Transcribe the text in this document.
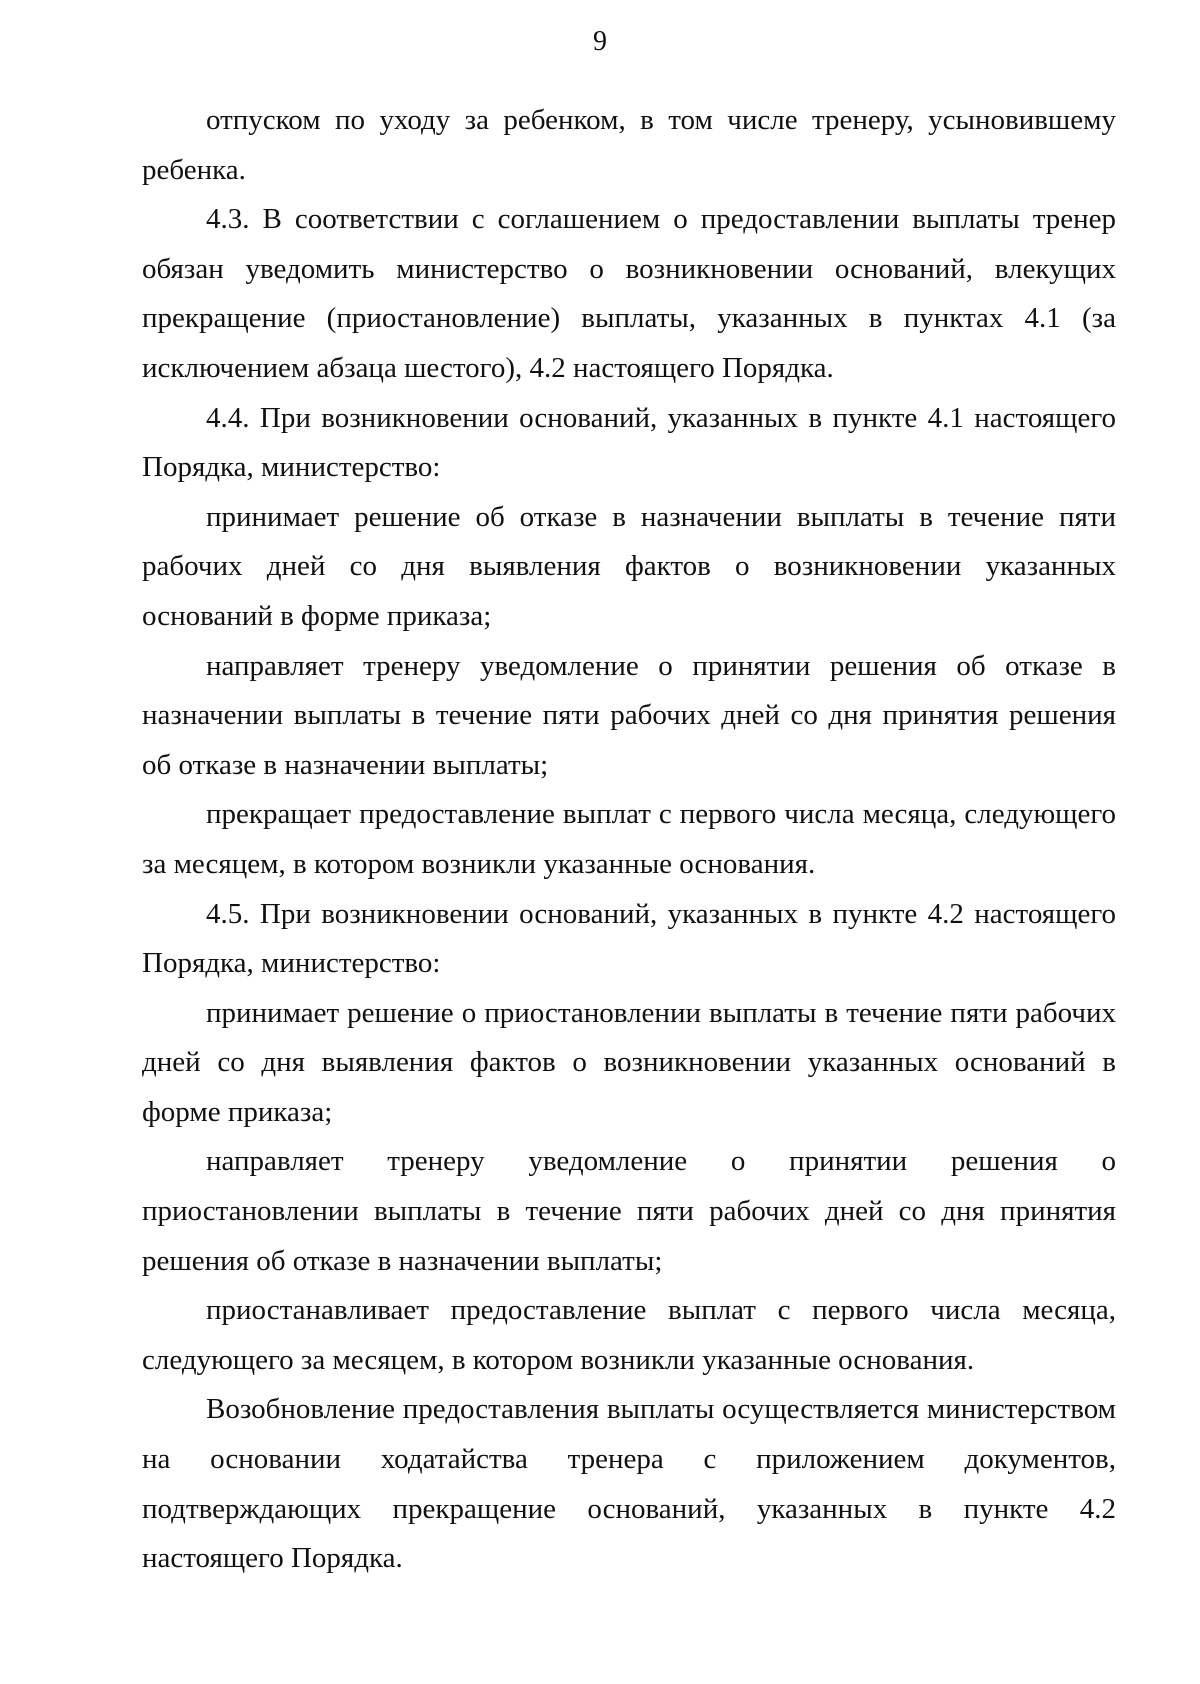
9

отпуском по уходу за ребенком, в том числе тренеру, усыновившему ребенка.

4.3. В соответствии с соглашением о предоставлении выплаты тренер обязан уведомить министерство о возникновении оснований, влекущих прекращение (приостановление) выплаты, указанных в пунктах 4.1 (за исключением абзаца шестого), 4.2 настоящего Порядка.

4.4. При возникновении оснований, указанных в пункте 4.1 настоящего Порядка, министерство:

принимает решение об отказе в назначении выплаты в течение пяти рабочих дней со дня выявления фактов о возникновении указанных оснований в форме приказа;

направляет тренеру уведомление о принятии решения об отказе в назначении выплаты в течение пяти рабочих дней со дня принятия решения об отказе в назначении выплаты;

прекращает предоставление выплат с первого числа месяца, следующего за месяцем, в котором возникли указанные основания.

4.5. При возникновении оснований, указанных в пункте 4.2 настоящего Порядка, министерство:

принимает решение о приостановлении выплаты в течение пяти рабочих дней со дня выявления фактов о возникновении указанных оснований в форме приказа;

направляет тренеру уведомление о принятии решения о приостановлении выплаты в течение пяти рабочих дней со дня принятия решения об отказе в назначении выплаты;

приостанавливает предоставление выплат с первого числа месяца, следующего за месяцем, в котором возникли указанные основания.

Возобновление предоставления выплаты осуществляется министерством на основании ходатайства тренера с приложением документов, подтверждающих прекращение оснований, указанных в пункте 4.2 настоящего Порядка.
